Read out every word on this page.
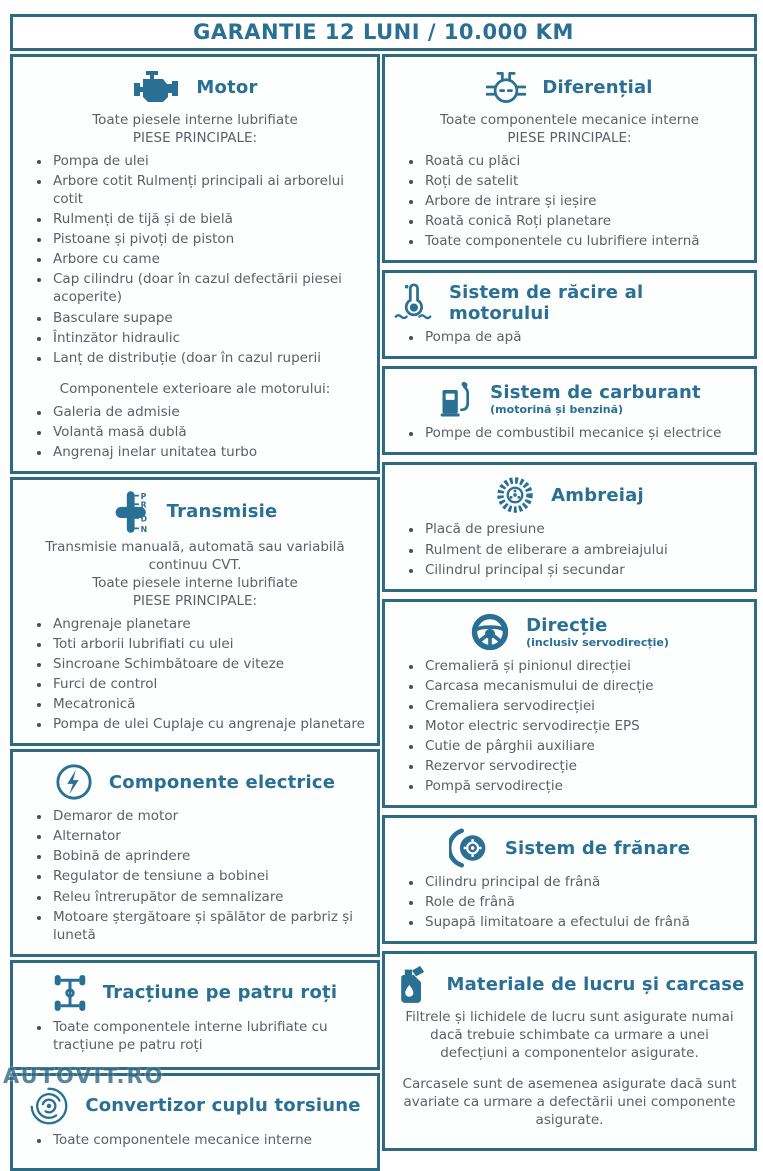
GARANTIE 12 LUNI / 10.000 KM
Motor
Toate piesele interne lubrifiate
PIESE PRINCIPALE:
• Pompa de ulei
• Arbore cotit Rulmenți principali ai arborelui cotit
• Rulmenți de tijă și de bielă
• Pistoane și pivoți de piston
• Arbore cu came
• Cap cilindru (doar în cazul defectării piesei acoperite)
• Basculare supape
• Întinzător hidraulic
• Lanț de distribuție (doar în cazul ruperii
Componentele exterioare ale motorului:
• Galeria de admisie
• Volantă masă dublă
• Angrenaj inelar unitatea turbo
P
R
D
N
Transmisie
Transmisie manuală, automată sau variabilă continuu CVT.
Toate piesele interne lubrifiate
PIESE PRINCIPALE:
• Angrenaje planetare
• Toti arborii lubrifiati cu ulei
• Sincroane Schimbătoare de viteze
• Furci de control
• Mecatronică
• Pompa de ulei Cuplaje cu angrenaje planetare
Componente electrice
• Demaror de motor
• Alternator
• Bobină de aprindere
• Regulator de tensiune a bobinei
• Releu întrerupător de semnalizare
• Motoare ștergătoare și spălător de parbriz și lunetă
Tracțiune pe patru roți
• Toate componentele interne lubrifiate cu tracțiune pe patru roți
Convertizor cuplu torsiune
• Toate componentele mecanice interne
Diferențial
Toate componentele mecanice interne
PIESE PRINCIPALE:
• Roată cu plăci
• Roți de satelit
• Arbore de intrare și ieșire
• Roată conică Roți planetare
• Toate componentele cu lubrifiere internă
Sistem de răcire al motorului
• Pompa de apă
Sistem de carburant
(motorină și benzină)
• Pompe de combustibil mecanice și electrice
Ambreiaj
• Placă de presiune
• Rulment de eliberare a ambreiajului
• Cilindrul principal și secundar
Direcție
(inclusiv servodirecție)
• Cremalieră și pinionul direcției
• Carcasa mecanismului de direcție
• Cremaliera servodirecției
• Motor electric servodirecție EPS
• Cutie de pârghii auxiliare
• Rezervor servodirecție
• Pompă servodirecție
Sistem de frănare
• Cilindru principal de frână
• Role de frână
• Supapă limitatoare a efectului de frână
Materiale de lucru și carcase
Filtrele și lichidele de lucru sunt asigurate numai dacă trebuie schimbate ca urmare a unei defecțiuni a componentelor asigurate.
Carcasele sunt de asemenea asigurate dacă sunt avariate ca urmare a defectării unei componente asigurate.
AUTOVIT.RO
